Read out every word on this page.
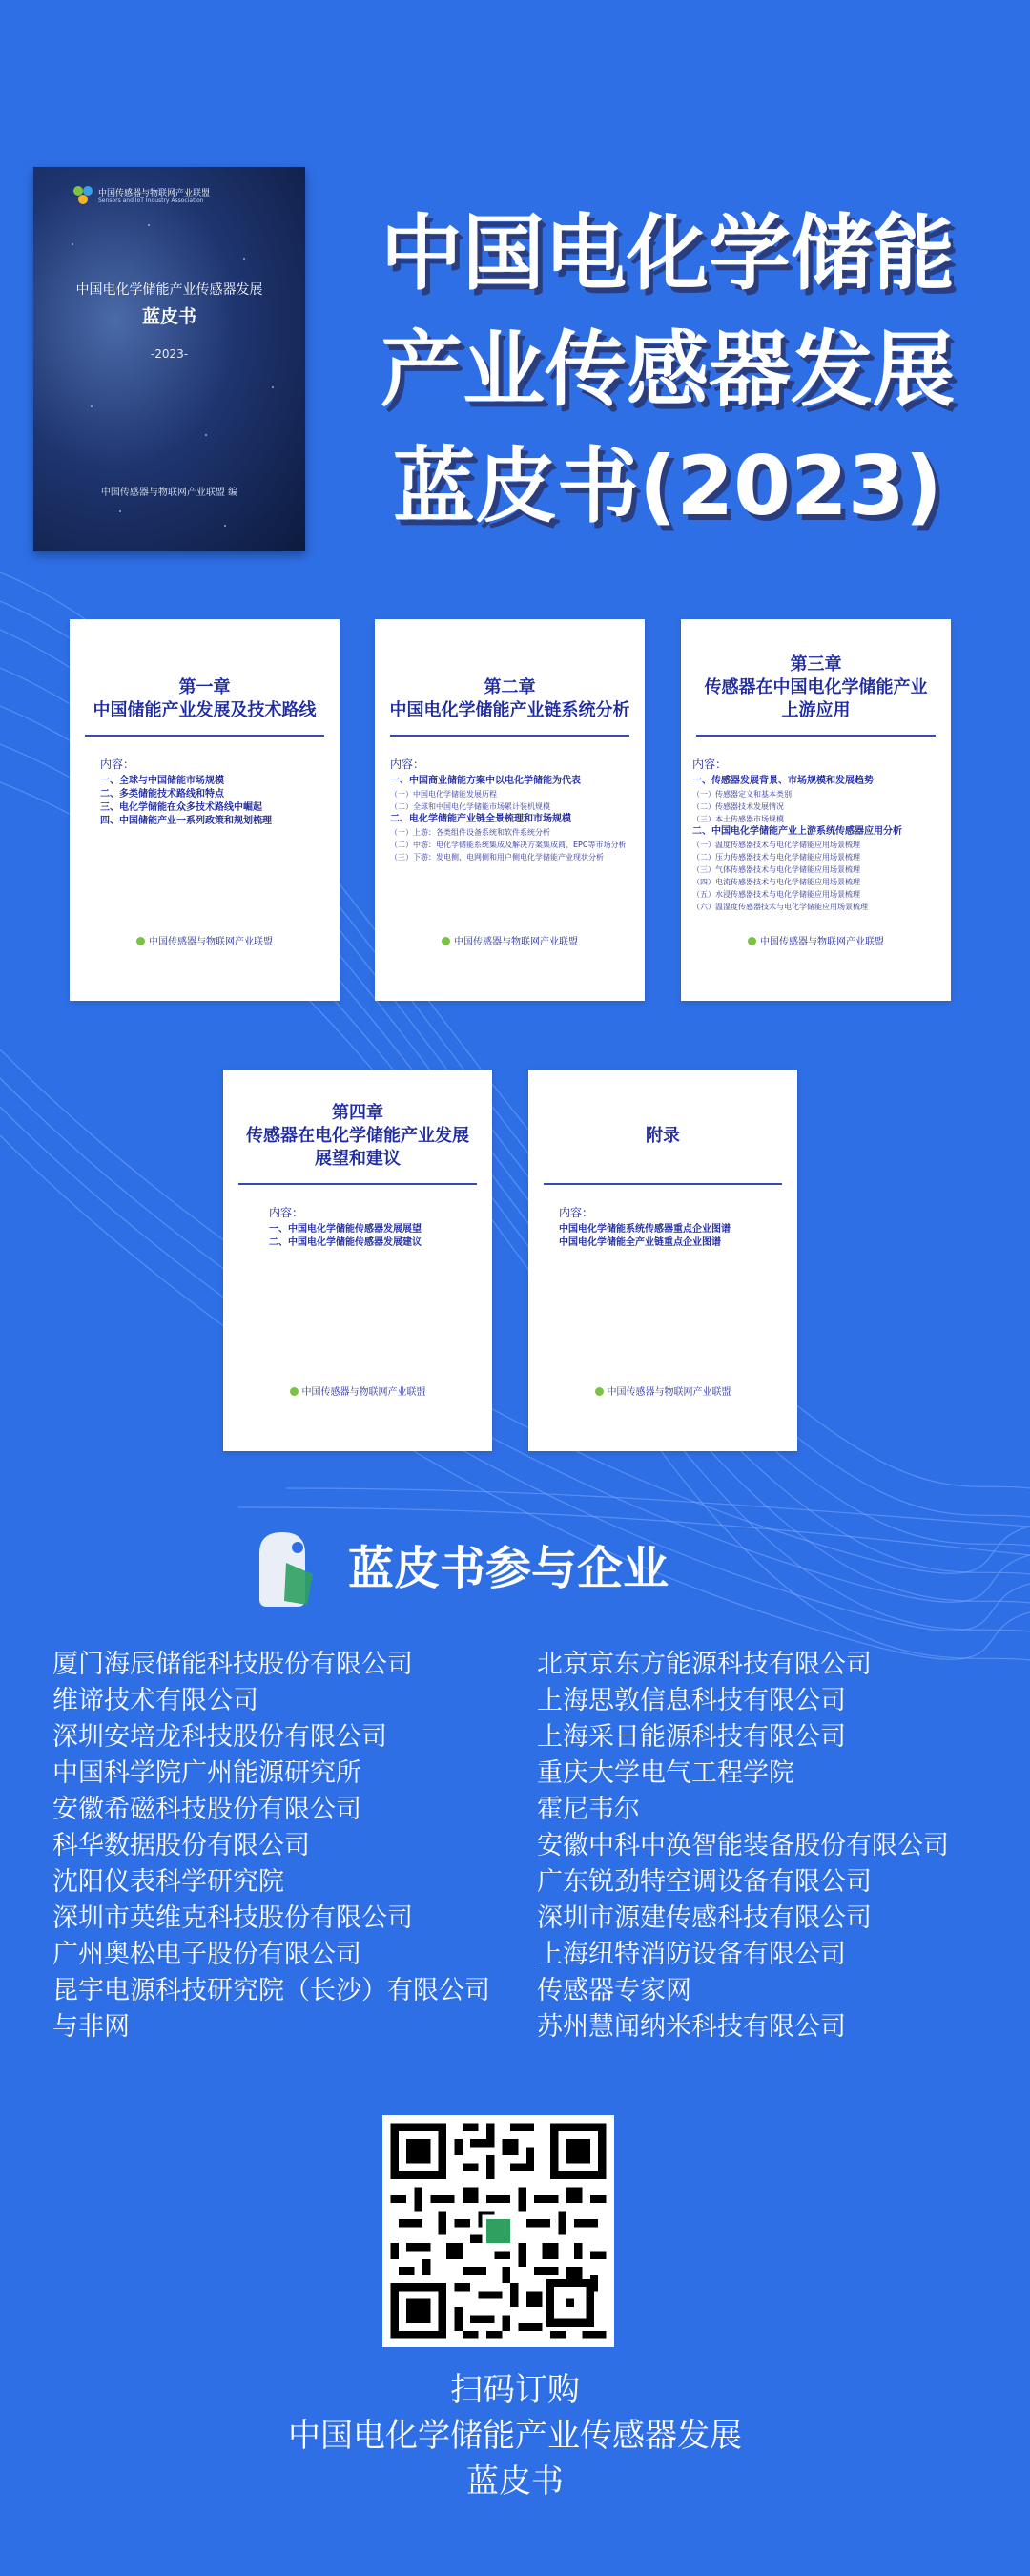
中国传感器与物联网产业联盟
Sensors and IoT Industry Association
中国电化学储能产业传感器发展
蓝皮书
-2023-
中国传感器与物联网产业联盟 编
中国电化学储能
产业传感器发展
蓝皮书(2023)
第一章
中国储能产业发展及技术路线
内容：
一、全球与中国储能市场规模
二、多类储能技术路线和特点
三、电化学储能在众多技术路线中崛起
四、中国储能产业一系列政策和规划梳理
中国传感器与物联网产业联盟
第二章
中国电化学储能产业链系统分析
内容：
一、中国商业储能方案中以电化学储能为代表
（一）中国电化学储能发展历程
（二）全球和中国电化学储能市场累计装机规模
二、电化学储能产业链全景梳理和市场规模
（一）上游：各类组件设备系统和软件系统分析
（二）中游：电化学储能系统集成及解决方案集成商、EPC等市场分析
（三）下游：发电侧、电网侧和用户侧电化学储能产业现状分析
中国传感器与物联网产业联盟
第三章
传感器在中国电化学储能产业
上游应用
内容：
一、传感器发展背景、市场规模和发展趋势
（一）传感器定义和基本类别
（二）传感器技术发展情况
（三）本土传感器市场规模
二、中国电化学储能产业上游系统传感器应用分析
（一）温度传感器技术与电化学储能应用场景梳理
（二）压力传感器技术与电化学储能应用场景梳理
（三）气体传感器技术与电化学储能应用场景梳理
（四）电流传感器技术与电化学储能应用场景梳理
（五）水浸传感器技术与电化学储能应用场景梳理
（六）温湿度传感器技术与电化学储能应用场景梳理
中国传感器与物联网产业联盟
第四章
传感器在电化学储能产业发展
展望和建议
内容：
一、中国电化学储能传感器发展展望
二、中国电化学储能传感器发展建议
中国传感器与物联网产业联盟
附录
内容：
中国电化学储能系统传感器重点企业图谱
中国电化学储能全产业链重点企业图谱
中国传感器与物联网产业联盟
蓝皮书参与企业
厦门海辰储能科技股份有限公司
维谛技术有限公司
深圳安培龙科技股份有限公司
中国科学院广州能源研究所
安徽希磁科技股份有限公司
科华数据股份有限公司
沈阳仪表科学研究院
深圳市英维克科技股份有限公司
广州奥松电子股份有限公司
昆宇电源科技研究院（长沙）有限公司
与非网
北京京东方能源科技有限公司
上海思敦信息科技有限公司
上海采日能源科技有限公司
重庆大学电气工程学院
霍尼韦尔
安徽中科中涣智能装备股份有限公司
广东锐劲特空调设备有限公司
深圳市源建传感科技有限公司
上海纽特消防设备有限公司
传感器专家网
苏州慧闻纳米科技有限公司
扫码订购
中国电化学储能产业传感器发展
蓝皮书
